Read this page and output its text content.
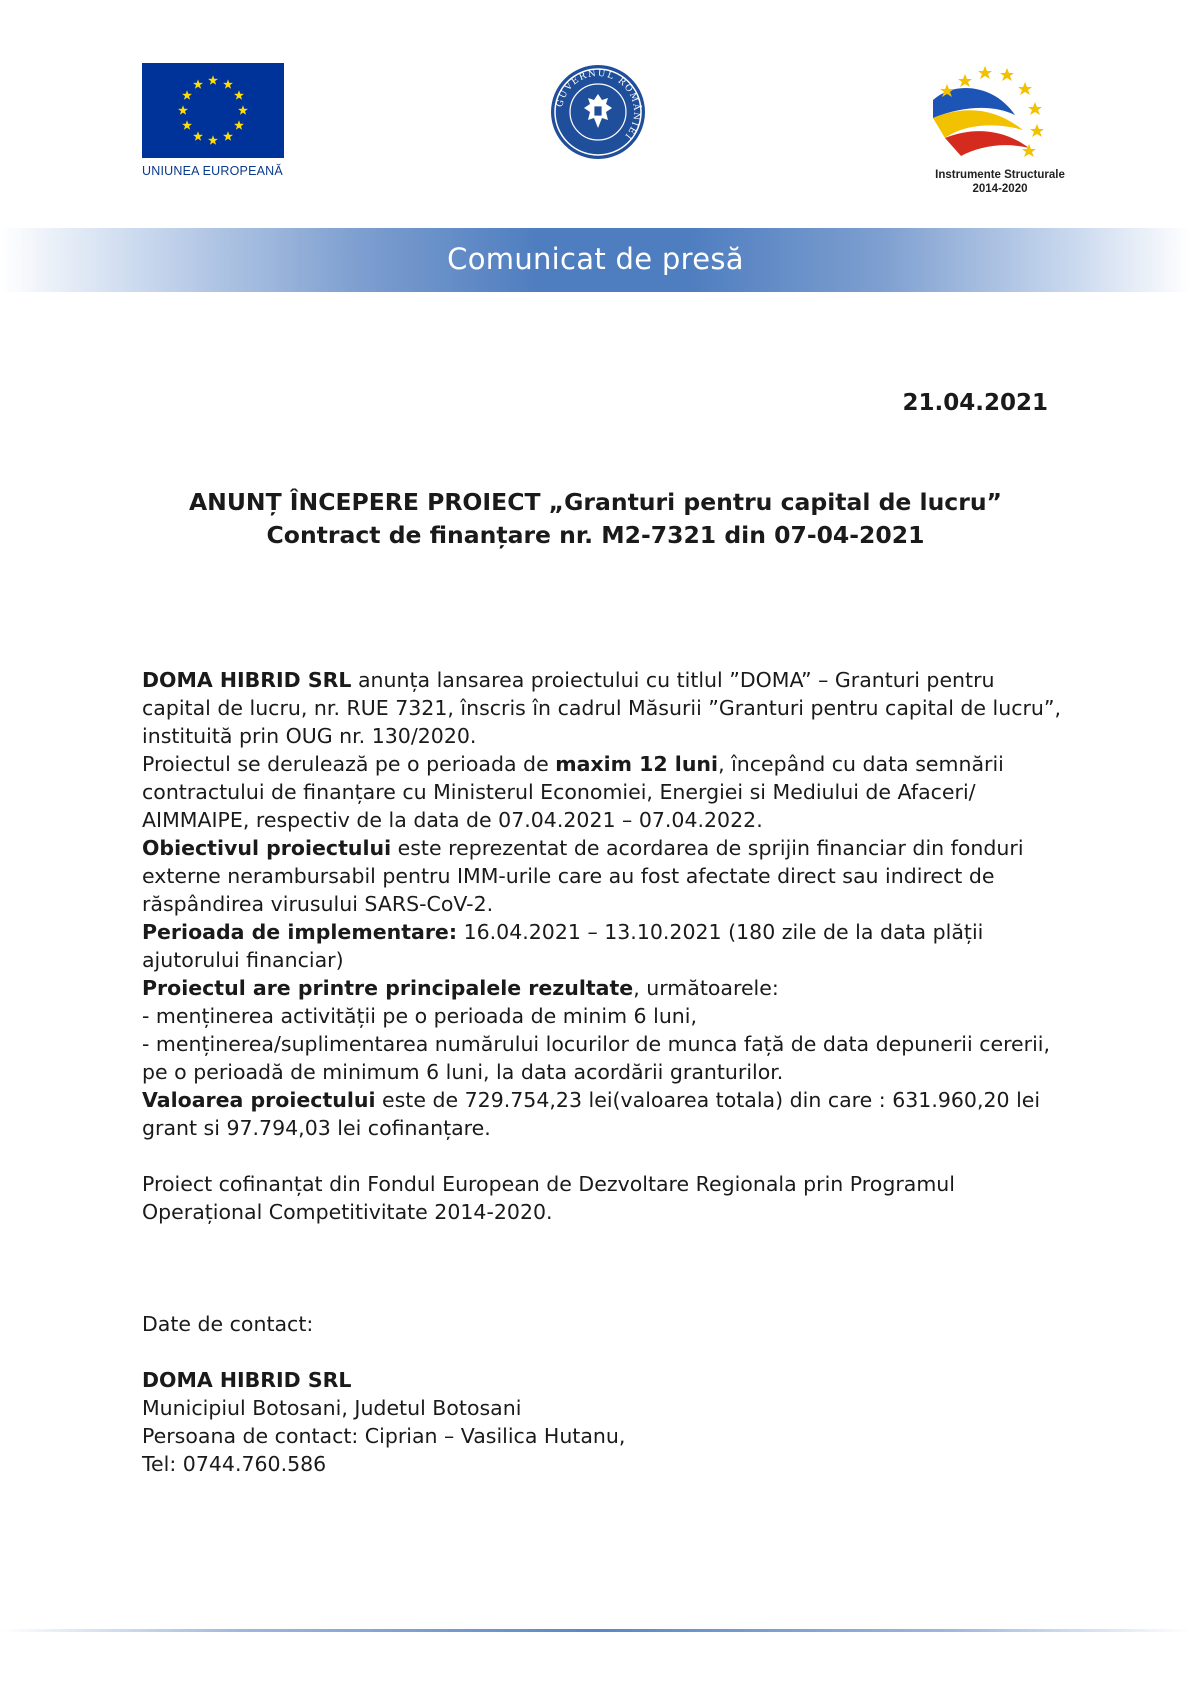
UNIUNEA EUROPEANĂ
GUVERNUL ROMÂNIEI
Instrumente Structurale
2014-2020
Comunicat de presă
21.04.2021
ANUNȚ ÎNCEPERE PROIECT „Granturi pentru capital de lucru”
Contract de finanțare nr. M2-7321 din 07-04-2021

DOMA HIBRID SRL anunța lansarea proiectului cu titlul ”DOMA” – Granturi pentru capital de lucru, nr. RUE 7321, înscris în cadrul Măsurii ”Granturi pentru capital de lucru”, instituită prin OUG nr. 130/2020.

Proiectul se derulează pe o perioada de maxim 12 luni, începând cu data semnării contractului de finanțare cu Ministerul Economiei, Energiei si Mediului de Afaceri/ AIMMAIPE, respectiv de la data de 07.04.2021 – 07.04.2022.

Obiectivul proiectului este reprezentat de acordarea de sprijin financiar din fonduri externe nerambursabil pentru IMM-urile care au fost afectate direct sau indirect de răspândirea virusului SARS-CoV-2.

Perioada de implementare: 16.04.2021 – 13.10.2021 (180 zile de la data plății ajutorului financiar)

Proiectul are printre principalele rezultate, următoarele:

- menținerea activității pe o perioada de minim 6 luni,

- menținerea/suplimentarea numărului locurilor de munca față de data depunerii cererii, pe o perioadă de minimum 6 luni, la data acordării granturilor.

Valoarea proiectului este de 729.754,23 lei(valoarea totala) din care : 631.960,20 lei grant si 97.794,03 lei cofinanțare.

Proiect cofinanțat din Fondul European de Dezvoltare Regionala prin Programul Operațional Competitivitate 2014-2020.

Date de contact:

DOMA HIBRID SRL

Municipiul Botosani, Judetul Botosani

Persoana de contact: Ciprian – Vasilica Hutanu,

Tel: 0744.760.586
